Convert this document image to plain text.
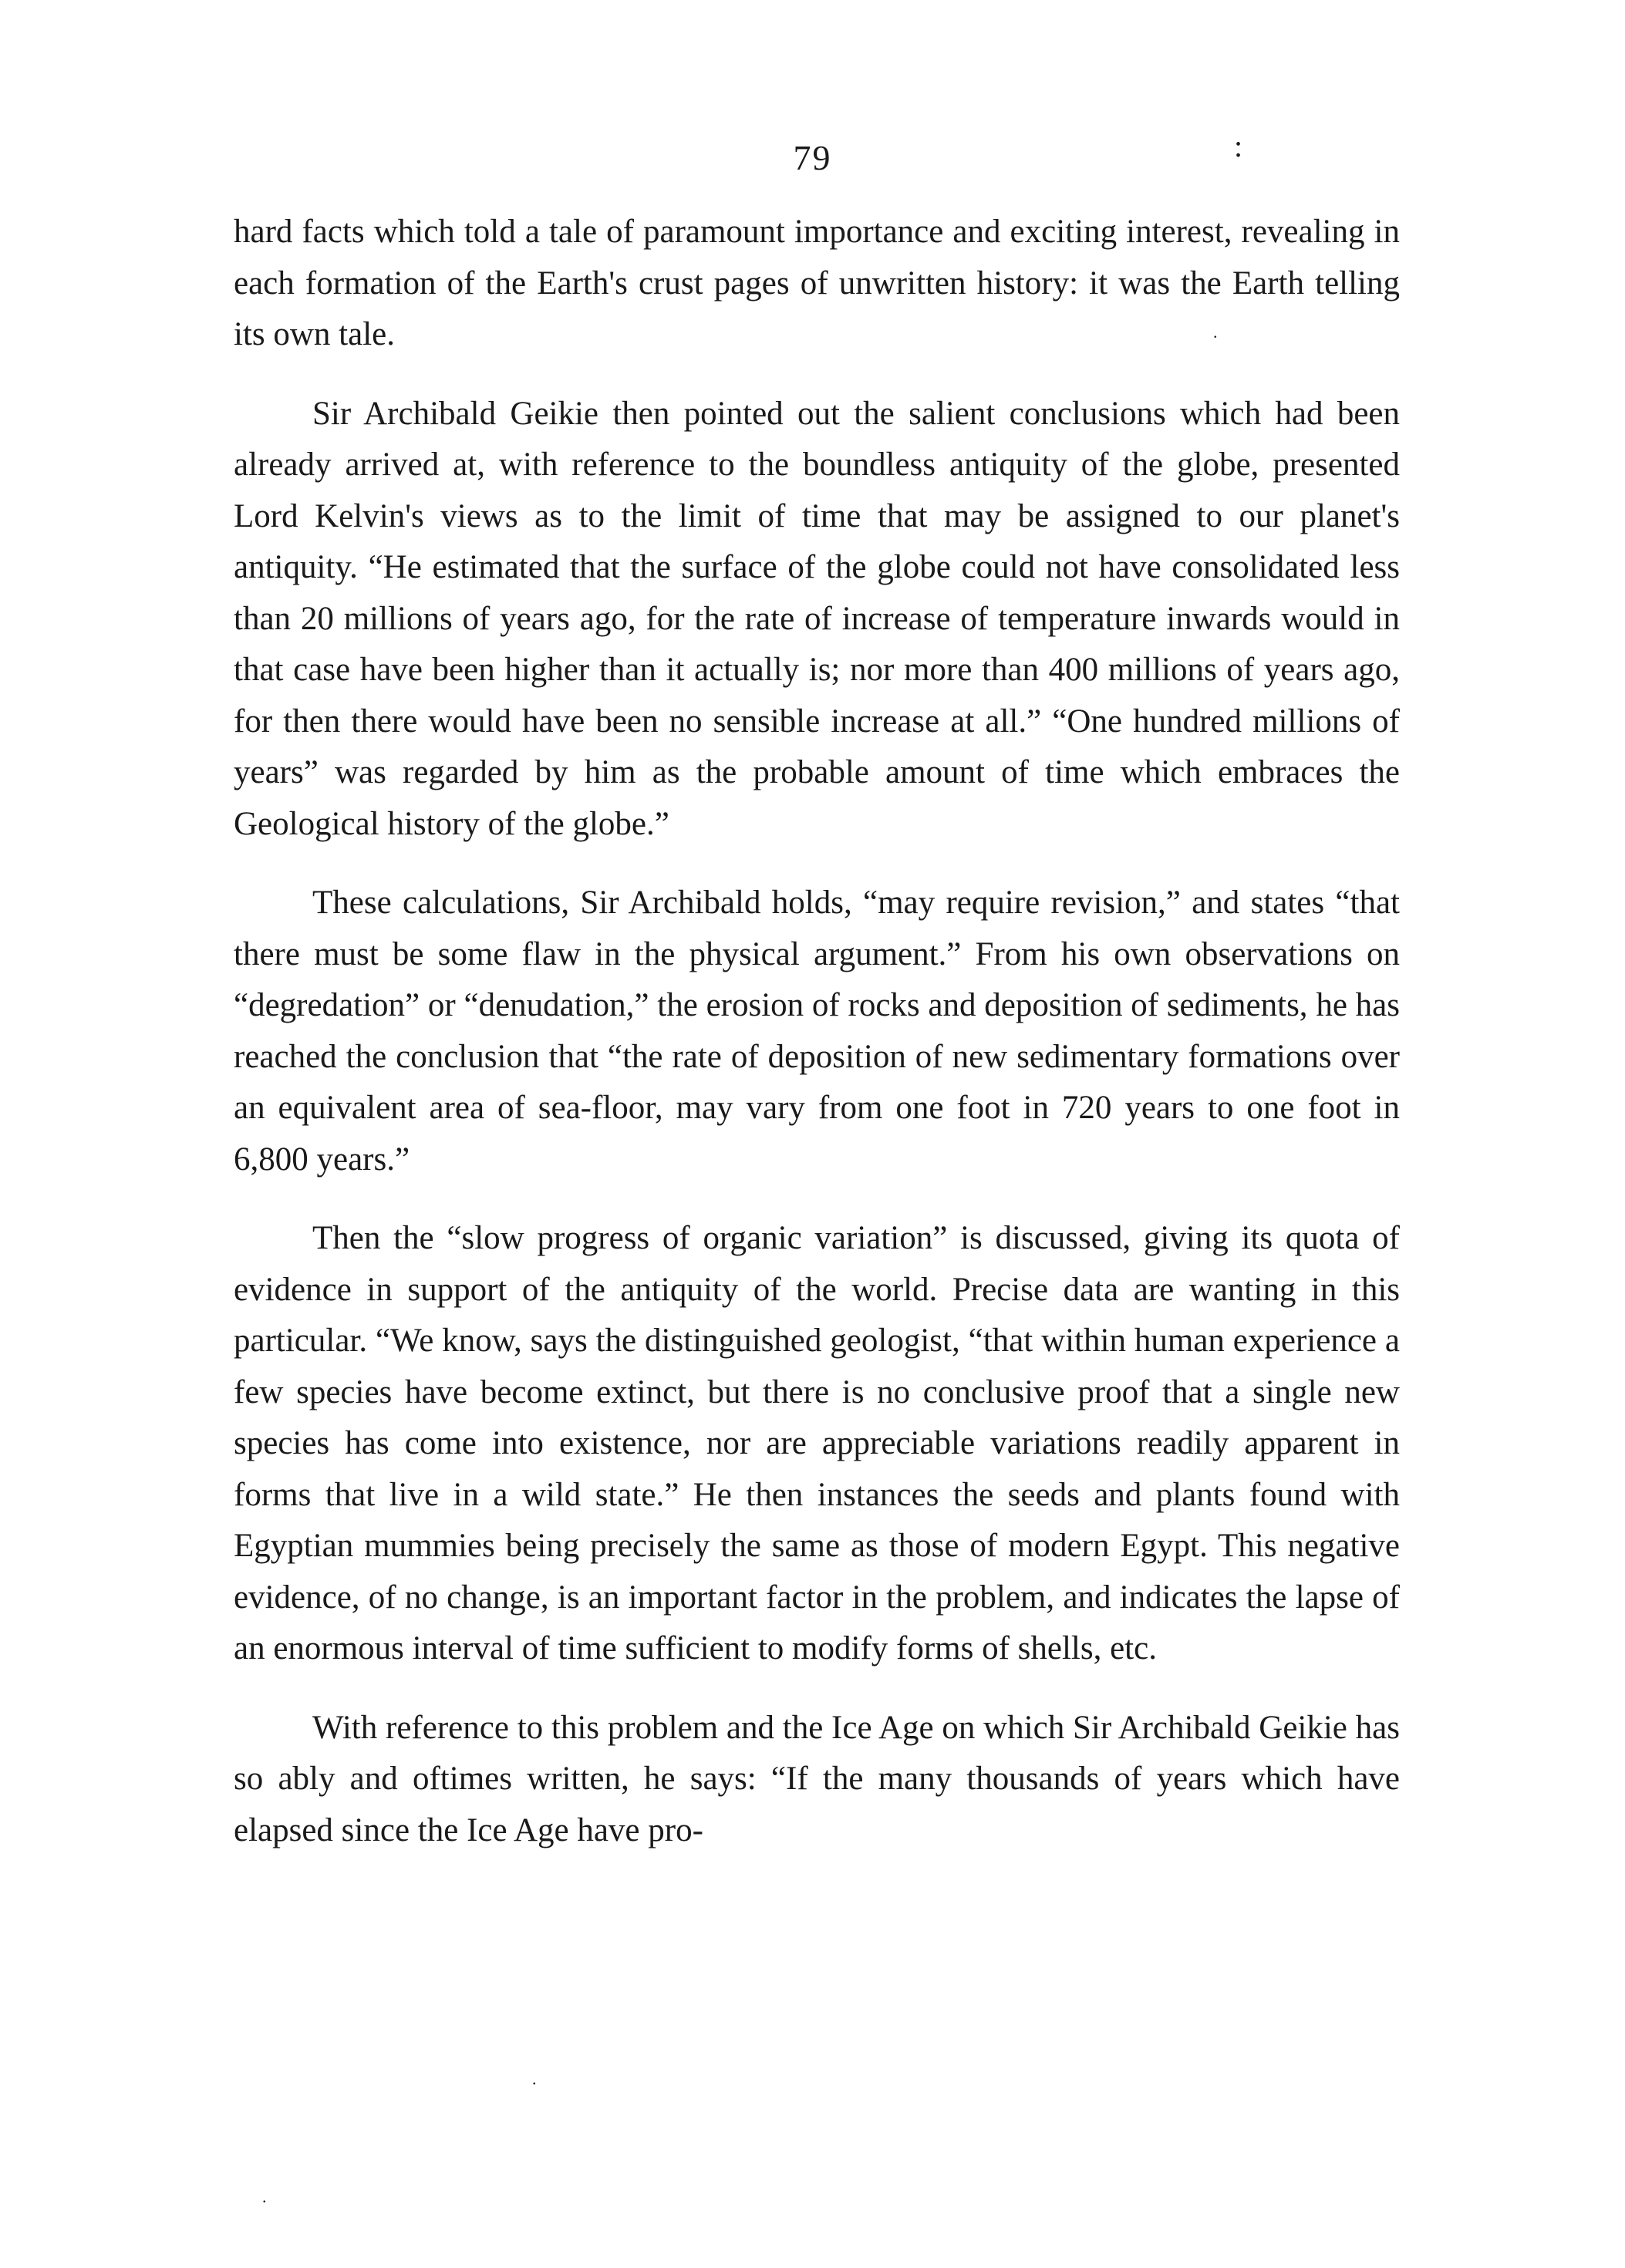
79	:
.
.
.

hard facts which told a tale of paramount importance and exciting interest, revealing in each formation of the Earth's crust pages of unwritten history: it was the Earth telling its own tale.

Sir Archibald Geikie then pointed out the salient conclusions which had been already arrived at, with reference to the boundless antiquity of the globe, presented Lord Kelvin's views as to the limit of time that may be assigned to our planet's antiquity. “He estimated that the surface of the globe could not have consolidated less than 20 millions of years ago, for the rate of increase of temperature inwards would in that case have been higher than it actually is; nor more than 400 millions of years ago, for then there would have been no sensible increase at all.” “One hundred millions of years” was regarded by him as the probable amount of time which embraces the Geological history of the globe.”

These calculations, Sir Archibald holds, “may require revision,” and states “that there must be some flaw in the physical argument.” From his own observations on “degredation” or “denudation,” the erosion of rocks and deposition of sediments, he has reached the conclusion that “the rate of deposition of new sedimentary formations over an equivalent area of sea-floor, may vary from one foot in 720 years to one foot in 6,800 years.”

Then the “slow progress of organic variation” is discussed, giving its quota of evidence in support of the antiquity of the world. Precise data are wanting in this particular. “We know, says the distinguished geologist, “that within human experience a few species have become extinct, but there is no conclusive proof that a single new species has come into existence, nor are appreciable variations readily apparent in forms that live in a wild state.” He then instances the seeds and plants found with Egyptian mummies being precisely the same as those of modern Egypt. This negative evidence, of no change, is an important factor in the problem, and indicates the lapse of an enormous interval of time sufficient to modify forms of shells, etc.

With reference to this problem and the Ice Age on which Sir Archibald Geikie has so ably and oftimes written, he says: “If the many thousands of years which have elapsed since the Ice Age have pro-
